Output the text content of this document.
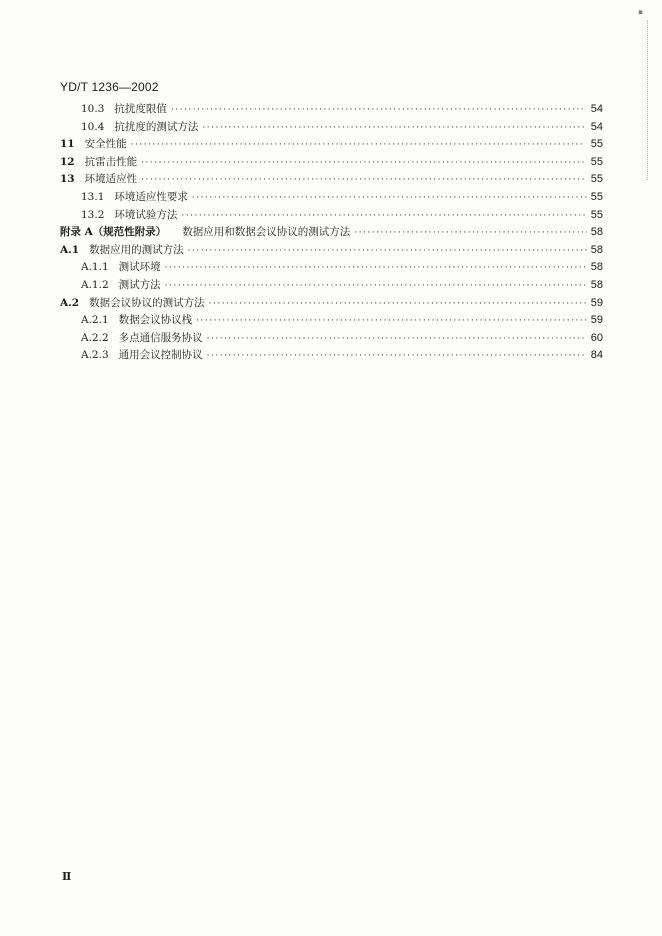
▪
YD/T 1236—2002
10.3 抗扰度限值 ·····	54
10.4 抗扰度的测试方法 ·····	54
11 安全性能 ·····	55
12 抗雷击性能 ·····	55
13 环境适应性 ·····	55
13.1 环境适应性要求 ·····	55
13.2 环境试验方法 ·····	55
附录 A（规范性附录）	数据应用和数据会议协议的测试方法 ·····	58
A.1 数据应用的测试方法 ·····	58
A.1.1 测试环境 ·····	58
A.1.2 测试方法 ·····	58
A.2 数据会议协议的测试方法 ·····	59
A.2.1 数据会议协议栈 ·····	59
A.2.2 多点通信服务协议 ·····	60
A.2.3 通用会议控制协议 ·····	84
Ⅱ
